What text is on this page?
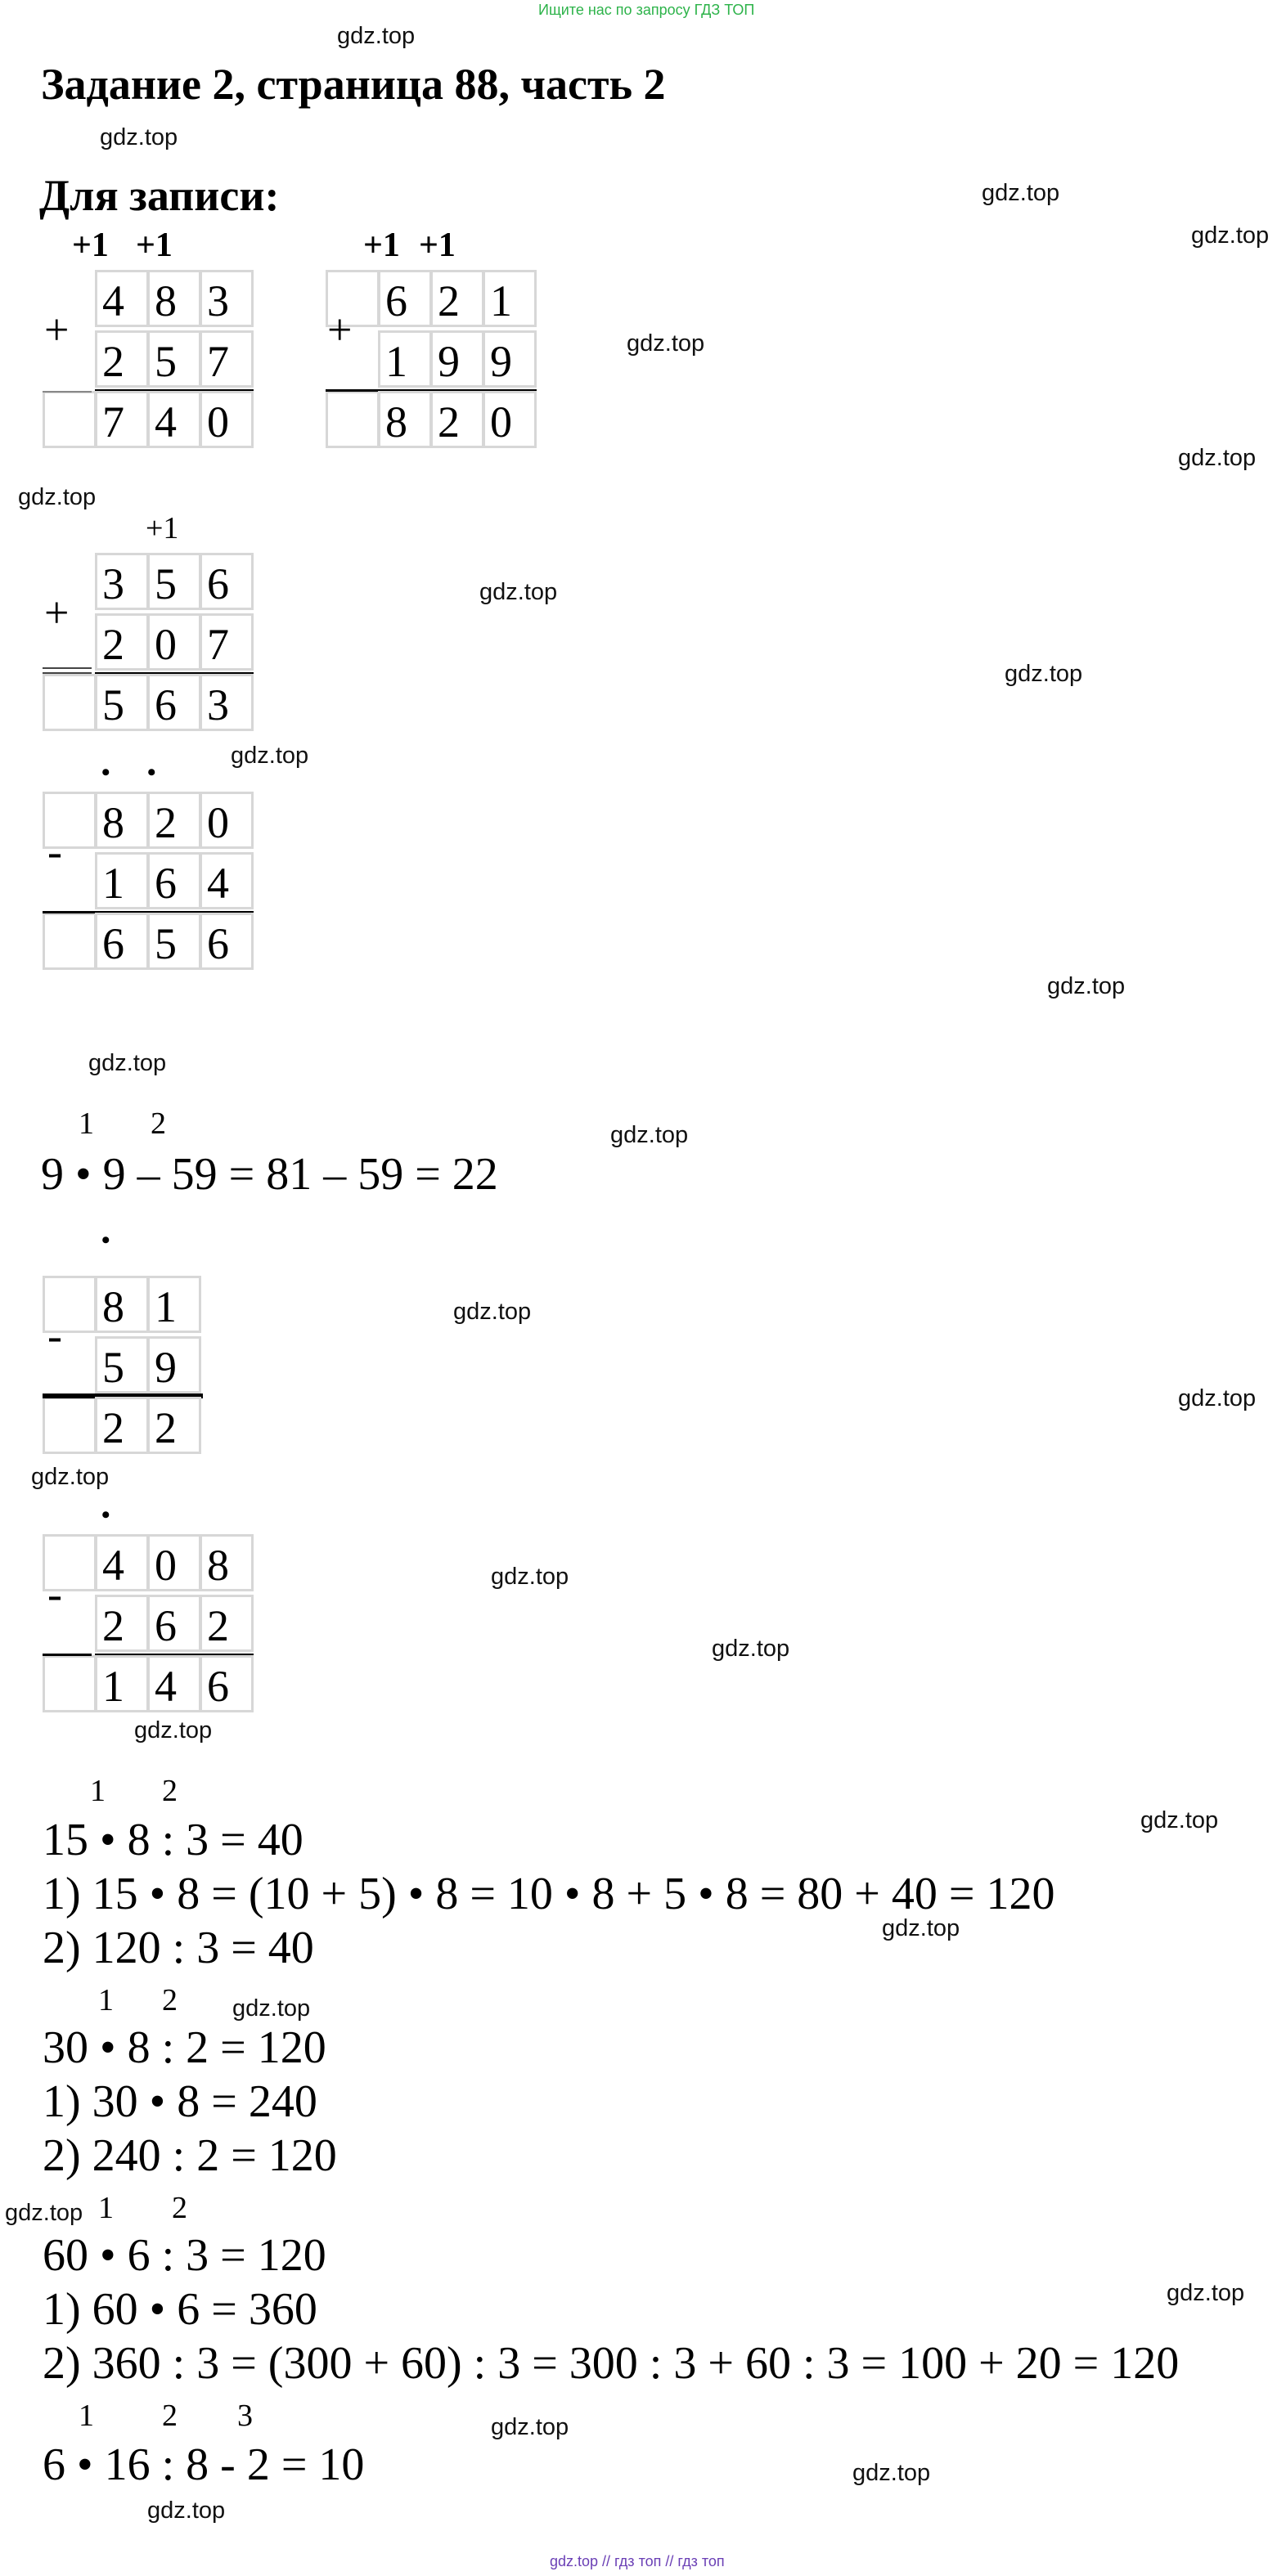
Ищите нас по запросу ГДЗ ТОП
gdz.top // гдз топ // гдз топ
Задание 2, страница 88, часть 2
Для записи:
+1 +1
+
4 8 3
2 5 7
7 4 0
+1 +1
+
6 2 1
1 9 9
8 2 0
+1
+
3 5 6
2 0 7
5 6 3
• •
-
8 2 0
1 6 4
6 5 6
1 2
9 • 9 – 59 = 81 – 59 = 22
•
-
8 1
5 9
2 2
•
-
4 0 8
2 6 2
1 4 6
1 2
15 • 8 : 3 = 40
1) 15 • 8 = (10 + 5) • 8 = 10 • 8 + 5 • 8 = 80 + 40 = 120
2) 120 : 3 = 40
1 2
30 • 8 : 2 = 120
1) 30 • 8 = 240
2) 240 : 2 = 120
1 2
60 • 6 : 3 = 120
1) 60 • 6 = 360
2) 360 : 3 = (300 + 60) : 3 = 300 : 3 + 60 : 3 = 100 + 20 = 120
1 2 3
6 • 16 : 8 - 2 = 10
gdz.top
gdz.top
gdz.top
gdz.top
gdz.top
gdz.top
gdz.top
gdz.top
gdz.top
gdz.top
gdz.top
gdz.top
gdz.top
gdz.top
gdz.top
gdz.top
gdz.top
gdz.top
gdz.top
gdz.top
gdz.top
gdz.top
gdz.top
gdz.top
gdz.top
gdz.top
gdz.top
